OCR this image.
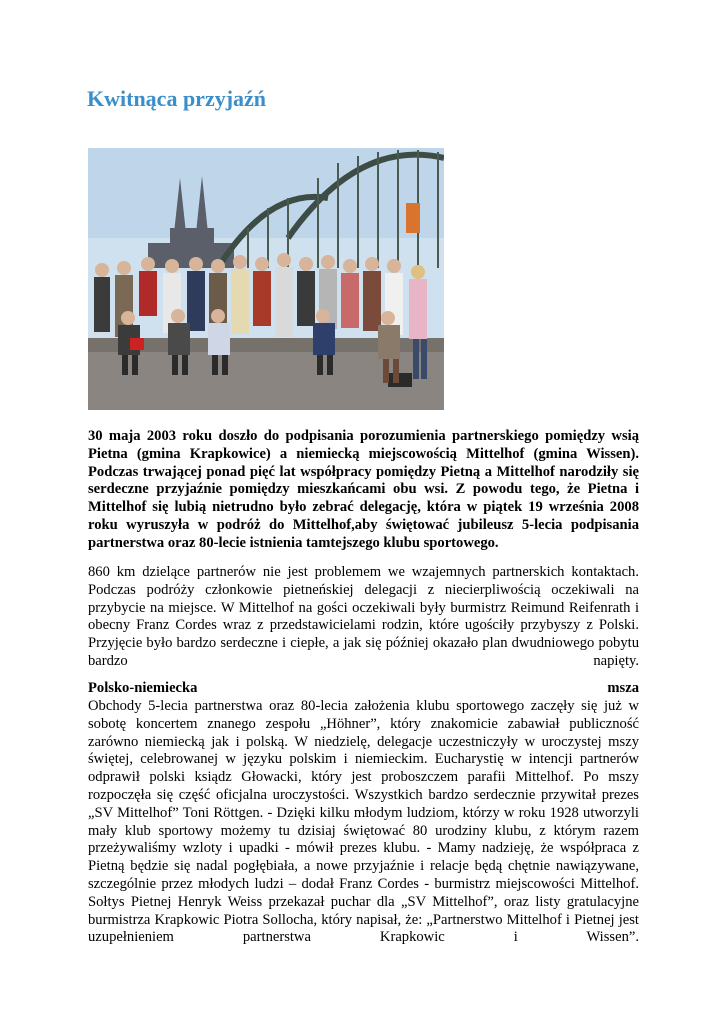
Kwitnąca przyjaźń
30 maja 2003 roku doszło do podpisania porozumienia partnerskiego pomiędzy wsią
Pietna (gmina Krapkowice) a niemiecką miejscowością Mittelhof (gmina Wissen).
Podczas trwającej ponad pięć lat współpracy pomiędzy Pietną a Mittelhof narodziły się
serdeczne przyjaźnie pomiędzy mieszkańcami obu wsi. Z powodu tego, że Pietna i
Mittelhof się lubią nietrudno było zebrać delegację, która w piątek 19 września 2008
roku wyruszyła w podróż do Mittelhof,aby świętować jubileusz 5-lecia podpisania
partnerstwa oraz 80-lecie istnienia tamtejszego klubu sportowego.
860 km dzielące partnerów nie jest problemem we wzajemnych partnerskich kontaktach.
Podczas podróży członkowie pietneńskiej delegacji z niecierpliwością oczekiwali na
przybycie na miejsce. W Mittelhof na gości oczekiwali były burmistrz Reimund Reifenrath i
obecny Franz Cordes wraz z przedstawicielami rodzin, które ugościły przybyszy z Polski.
Przyjęcie było bardzo serdeczne i ciepłe, a jak się później okazało plan dwudniowego pobytu
bardzo napięty.
Polsko-niemiecka	msza
Obchody 5-lecia partnerstwa oraz 80-lecia założenia klubu sportowego zaczęły się już w
sobotę koncertem znanego zespołu „Höhner”, który znakomicie zabawiał publiczność
zarówno niemiecką jak i polską. W niedzielę, delegacje uczestniczyły w uroczystej mszy
świętej, celebrowanej w języku polskim i niemieckim. Eucharystię w intencji partnerów
odprawił polski ksiądz Głowacki, który jest proboszczem parafii Mittelhof. Po mszy
rozpoczęła się część oficjalna uroczystości. Wszystkich bardzo serdecznie przywitał prezes
„SV Mittelhof” Toni Röttgen. - Dzięki kilku młodym ludziom, którzy w roku 1928 utworzyli
mały klub sportowy możemy tu dzisiaj świętować 80 urodziny klubu, z którym razem
przeżywaliśmy wzloty i upadki - mówił prezes klubu. - Mamy nadzieję, że współpraca z
Pietną będzie się nadal pogłębiała, a nowe przyjaźnie i relacje będą chętnie nawiązywane,
szczególnie przez młodych ludzi – dodał Franz Cordes - burmistrz miejscowości Mittelhof.
Sołtys Pietnej Henryk Weiss przekazał puchar dla „SV Mittelhof”, oraz listy gratulacyjne
burmistrza Krapkowic Piotra Sollocha, który napisał, że: „Partnerstwo Mittelhof i Pietnej jest
uzupełnieniem partnerstwa Krapkowic i Wissen”.
